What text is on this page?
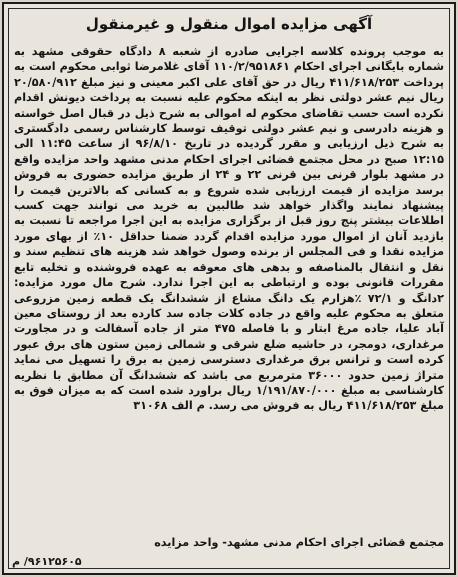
آگهی مزایده اموال منقول و غیرمنقول

به موجب پرونده کلاسه اجرایی صادره از شعبه ۸ دادگاه حقوقی مشهد به شماره بایگانی اجرای احکام ۱۱۰/۲/۹۵۱۸۶۱ آقای غلامرضا ثوابی محکوم است به پرداخت ۴۱۱/۶۱۸/۲۵۳ ریال در حق آقای علی اکبر معینی و نیز مبلغ ۲۰/۵۸۰/۹۱۲ ریال نیم عشر دولتی نظر به اینکه محکوم علیه نسبت به پرداخت دیونش اقدام نکرده است حسب تقاضای محکوم له اموالی به شرح ذیل در قبال اصل خواسته و هزینه دادرسی و نیم عشر دولتی توقیف توسط کارشناس رسمی دادگستری به شرح ذیل ارزیابی و مقرر گردیده در تاریخ ۹۶/۸/۱۰ از ساعت ۱۱:۴۵ الی ۱۲:۱۵ صبح در محل مجتمع قضائی اجرای احکام مدنی مشهد واحد مزایده واقع در مشهد بلوار قرنی بین قرنی ۲۲ و ۲۴ از طریق مزایده حضوری به فروش برسد مزایده از قیمت ارزیابی شده شروع و به کسانی که بالاترین قیمت را پیشنهاد نمایند واگذار خواهد شد طالبین به خرید می توانند جهت کسب اطلاعات بیشتر پنج روز قبل از برگزاری مزایده به این اجرا مراجعه تا نسبت به بازدید آنان از اموال مورد مزایده اقدام گردد ضمنا حداقل ۱۰٪ از بهای مورد مزایده نقدا و فی المجلس از برنده وصول خواهد شد هزینه های تنظیم سند و نقل و انتقال بالمناصفه و بدهی های معوقه به عهده فروشنده و تخلیه تابع مقررات قانونی بوده و ارتباطی به این اجرا ندارد. شرح مال مورد مزایده: ۲دانگ و ۷۲/۱ ٪هزارم یک دانگ مشاع از ششدانگ یک قطعه زمین مزروعی متعلق به محکوم علیه واقع در جاده کلات جاده سد کارده بعد از روستای معین آباد علیا، جاده مرغ ابتار و با فاصله ۴۷۵ متر از جاده آسفالت و در مجاورت مرغداری، دومجر، در حاشیه ضلع شرقی و شمالی زمین ستون های برق عبور کرده است و ترانس برق مرغداری دسترسی زمین به برق را تسهیل می نماید متراژ زمین حدود ۳۶۰۰۰ مترمربع می باشد که ششدانگ آن مطابق با نظریه کارشناسی به مبلغ ۱/۱۹۱/۸۷۰/۰۰۰ ریال براورد شده است که به میزان فوق به مبلغ ۴۱۱/۶۱۸/۲۵۳ ریال به فروش می رسد. م الف ۳۱۰۶۸

مجتمع قضائی اجرای احکام مدنی مشهد- واحد مزایده
۹۶۱۲۵۶۰۵/ م
